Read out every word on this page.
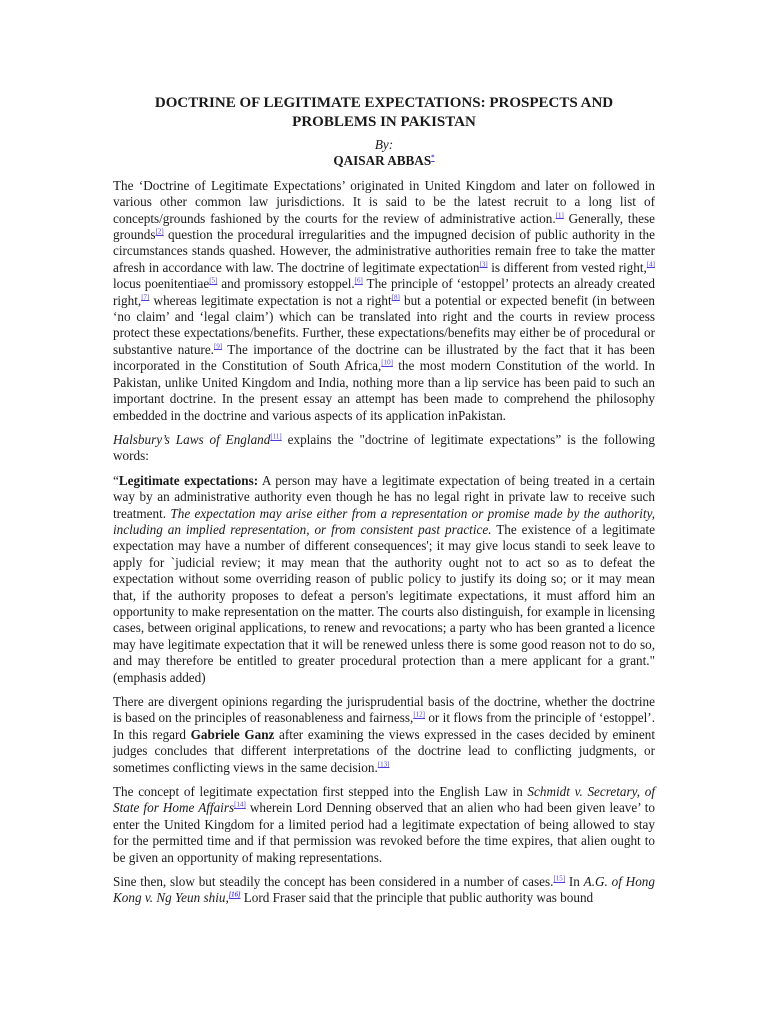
DOCTRINE OF LEGITIMATE EXPECTATIONS: PROSPECTS AND PROBLEMS IN PAKISTAN
By:
QAISAR ABBAS*

The ‘Doctrine of Legitimate Expectations’ originated in United Kingdom and later on followed in various other common law jurisdictions. It is said to be the latest recruit to a long list of concepts/grounds fashioned by the courts for the review of administrative action.[1] Generally, these grounds[2] question the procedural irregularities and the impugned decision of public authority in the circumstances stands quashed. However, the administrative authorities remain free to take the matter afresh in accordance with law. The doctrine of legitimate expectation[3] is different from vested right,[4] locus poenitentiae[5] and promissory estoppel.[6] The principle of ‘estoppel’ protects an already created right,[7] whereas legitimate expectation is not a right[8] but a potential or expected benefit (in between ‘no claim’ and ‘legal claim’) which can be translated into right and the courts in review process protect these expectations/benefits. Further, these expectations/benefits may either be of procedural or substantive nature.[9] The importance of the doctrine can be illustrated by the fact that it has been incorporated in the Constitution of South Africa,[10] the most modern Constitution of the world. In Pakistan, unlike United Kingdom and India, nothing more than a lip service has been paid to such an important doctrine. In the present essay an attempt has been made to comprehend the philosophy embedded in the doctrine and various aspects of its application inPakistan.

Halsbury’s Laws of England[11] explains the "doctrine of legitimate expectations” is the following words:

“Legitimate expectations: A person may have a legitimate expectation of being treated in a certain way by an administrative authority even though he has no legal right in private law to receive such treatment. The expectation may arise either from a representation or promise made by the authority, including an implied representation, or from consistent past practice. The existence of a legitimate expectation may have a number of different consequences'; it may give locus standi to seek leave to apply for `judicial review; it may mean that the authority ought not to act so as to defeat the expectation without some overriding reason of public policy to justify its doing so; or it may mean that, if the authority proposes to defeat a person's legitimate expectations, it must afford him an opportunity to make representation on the matter. The courts also distinguish, for example in licensing cases, between original applications, to renew and revocations; a party who has been granted a licence may have legitimate expectation that it will be renewed unless there is some good reason not to do so, and may therefore be entitled to greater procedural protection than a mere applicant for a grant." (emphasis added)

There are divergent opinions regarding the jurisprudential basis of the doctrine, whether the doctrine is based on the principles of reasonableness and fairness,[12] or it flows from the principle of ‘estoppel’. In this regard Gabriele Ganz after examining the views expressed in the cases decided by eminent judges concludes that different interpretations of the doctrine lead to conflicting judgments, or sometimes conflicting views in the same decision.[13]

The concept of legitimate expectation first stepped into the English Law in Schmidt v. Secretary, of State for Home Affairs[14] wherein Lord Denning observed that an alien who had been given leave’ to enter the United Kingdom for a limited period had a legitimate expectation of being allowed to stay for the permitted time and if that permission was revoked before the time expires, that alien ought to be given an opportunity of making representations.

Sine then, slow but steadily the concept has been considered in a number of cases.[15] In A.G. of Hong Kong v. Ng Yeun shiu,[16] Lord Fraser said that the principle that public authority was bound
